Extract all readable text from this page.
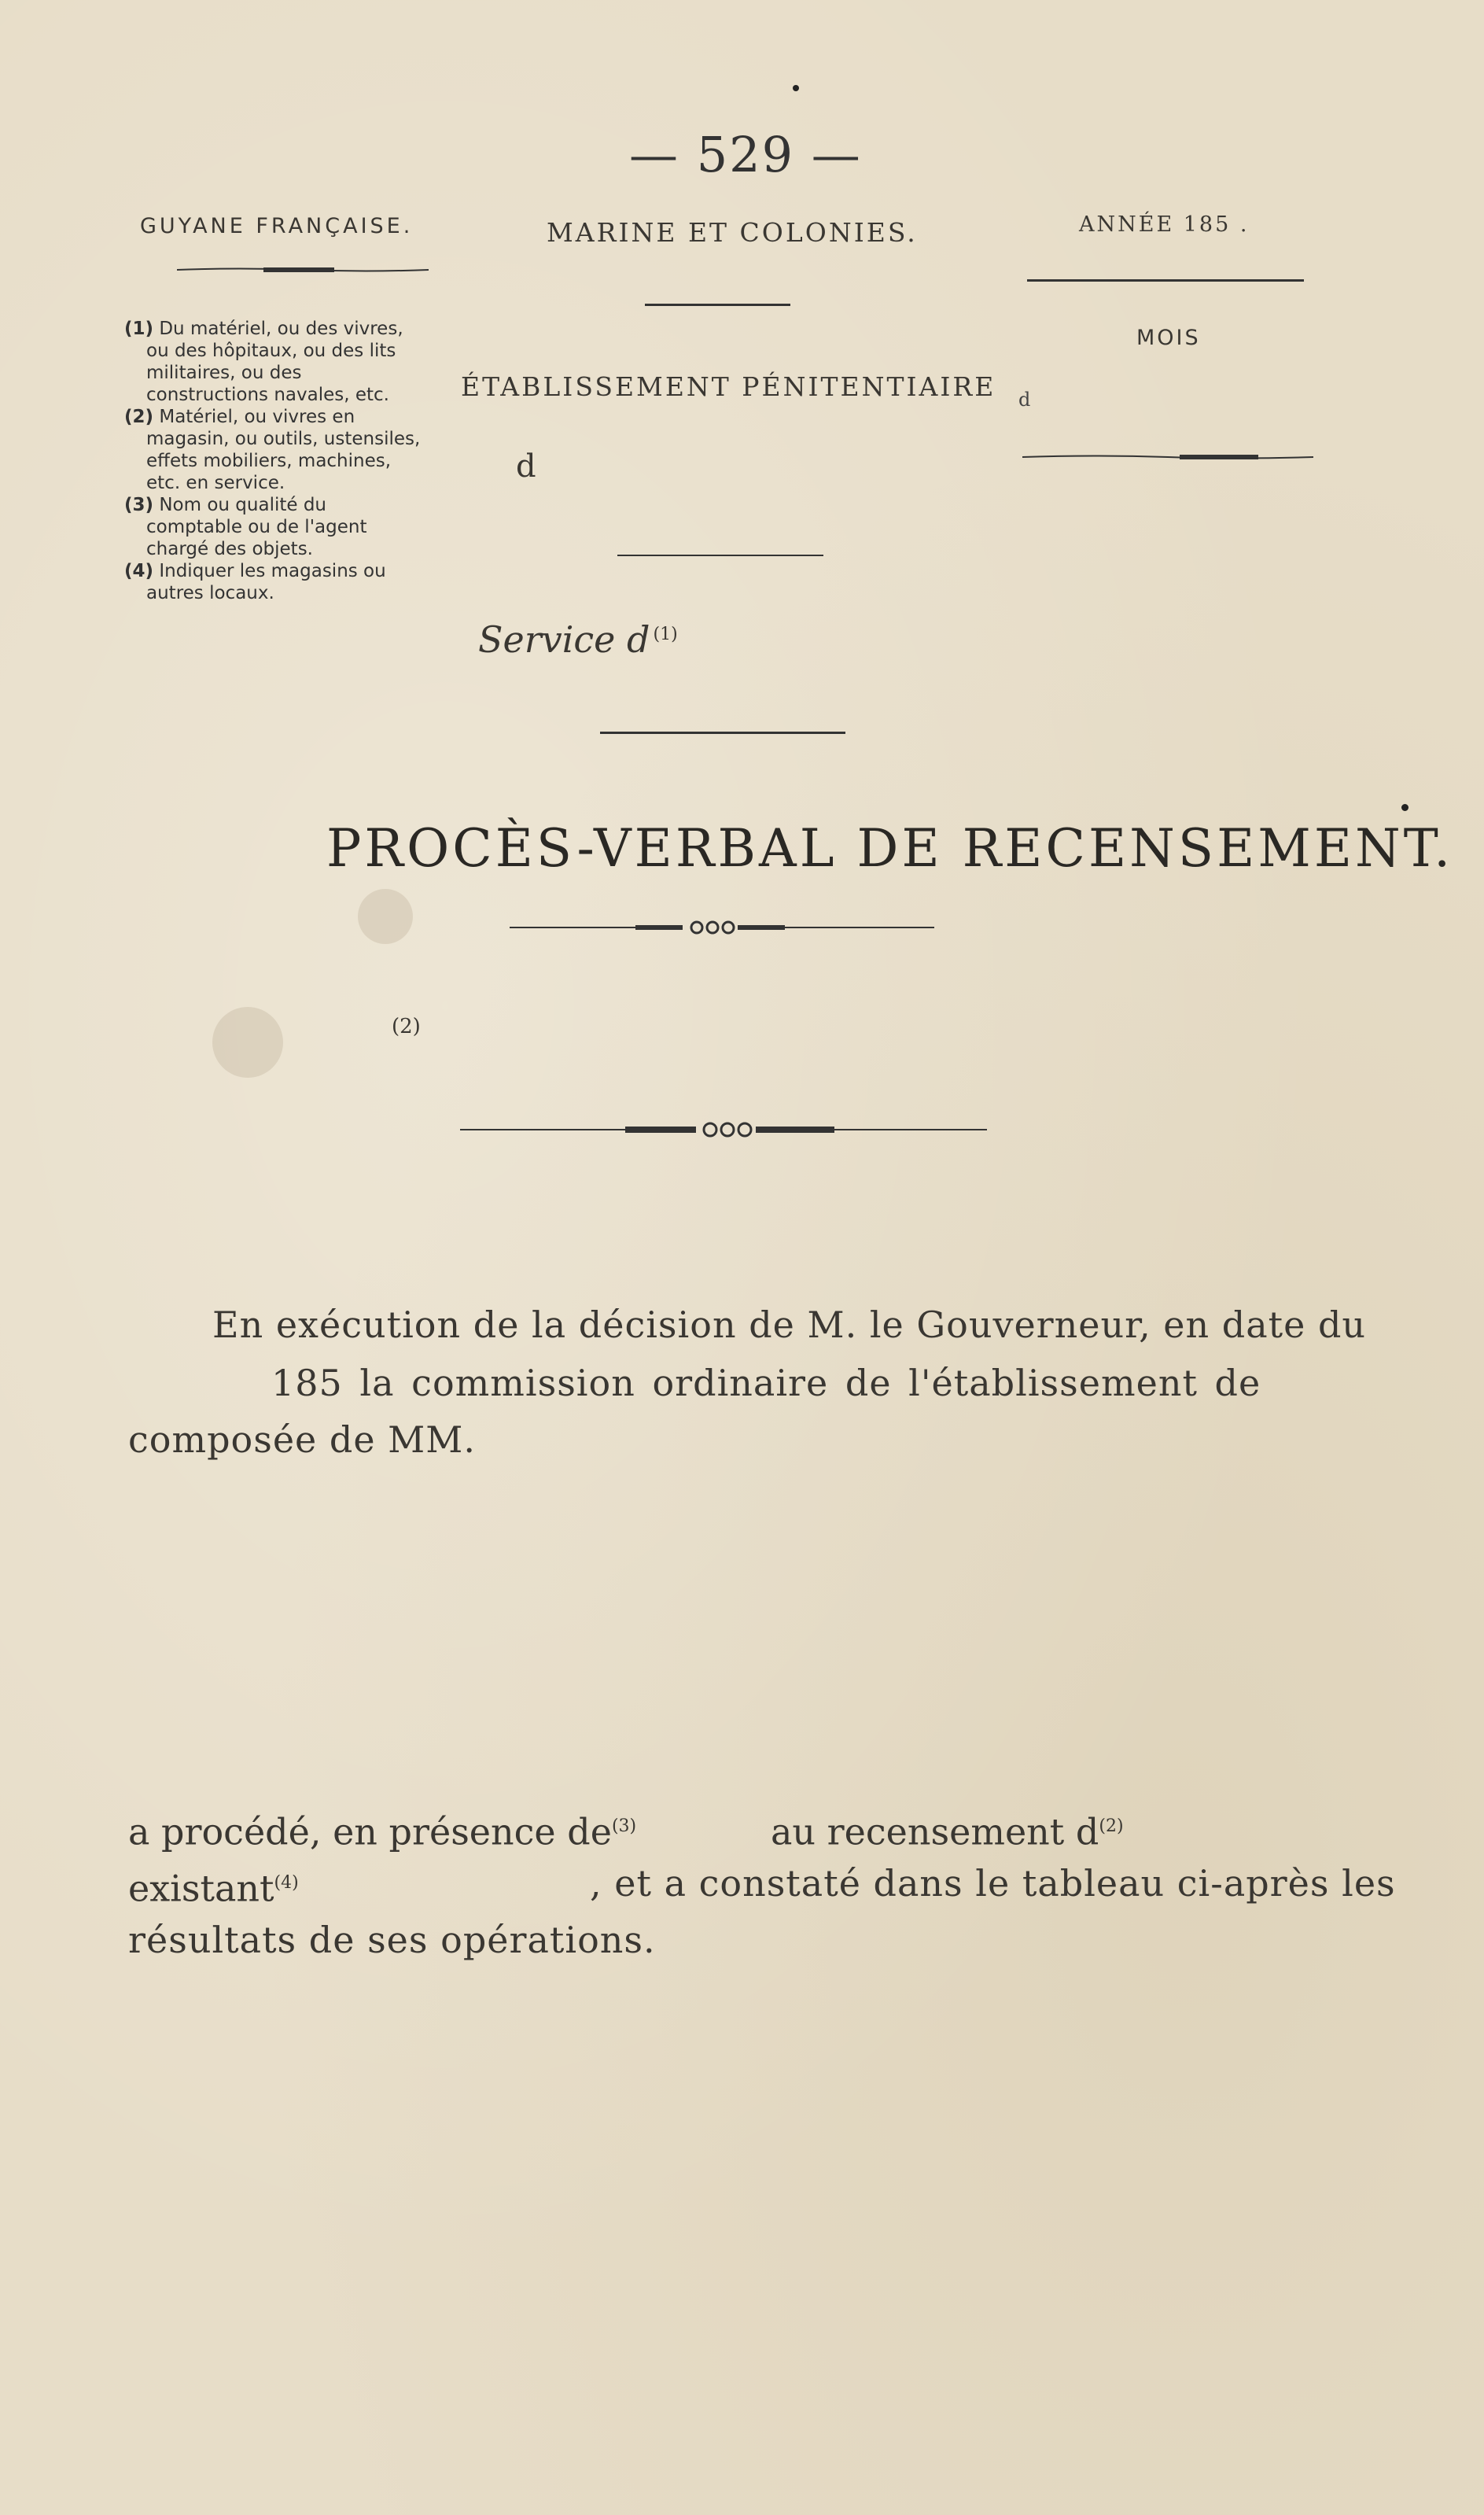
— 529 —
GUYANE FRANÇAISE.	MARINE ET COLONIES.	ANNÉE 185 .
MOIS
ÉTABLISSEMENT PÉNITENTIAIRE d
d
Service d $^{(1)}$

(1) Du matériel, ou des vivres, ou des hôpitaux, ou des lits militaires, ou des constructions navales, etc.

(2) Matériel, ou vivres en magasin, ou outils, ustensiles, effets mobiliers, machines, etc. en service.

(3) Nom ou qualité du comptable ou de l'agent chargé des objets.

(4) Indiquer les magasins ou autres locaux.

PROCÈS-VERBAL DE RECENSEMENT.
(2)
En exécution de la décision de M. le Gouverneur, en date du
185 la commission ordinaire de l'établissement de
composée de MM.
a procédé, en présence $de^{(3)}$	au recensement $d^{(2)}$
existant$^{(4)}$	, et a constaté dans le tableau ci-après les
résultats de ses opérations.
